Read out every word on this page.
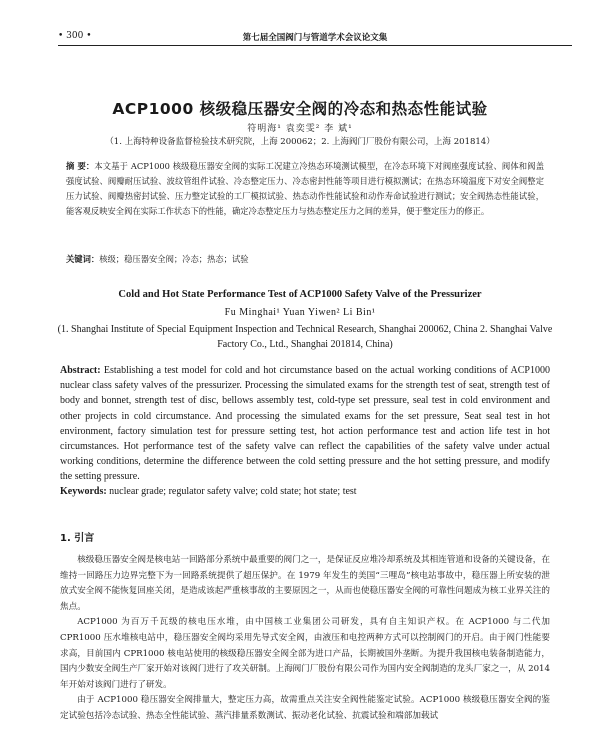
• 300 •	第七届全国阀门与管道学术会议论文集
ACP1000 核级稳压器安全阀的冷态和热态性能试验
符明海¹ 袁奕雯² 李 斌¹
（1. 上海特种设备监督检验技术研究院，上海 200062；2. 上海阀门厂股份有限公司，上海 201814）
摘 要：本文基于 ACP1000 核级稳压器安全阀的实际工况建立冷热态环境测试模型，在冷态环境下对阀座强度试验、阀体和阀盖强度试验、阀瓣耐压试验、波纹管组件试验、冷态整定压力、冷态密封性能等项目进行模拟测试；在热态环境温度下对安全阀整定压力试验、阀瓣热密封试验、压力整定试验的工厂模拟试验、热态动作性能试验和动作寿命试验进行测试；安全阀热态性能试验，能客观反映安全阀在实际工作状态下的性能，确定冷态整定压力与热态整定压力之间的差异，便于整定压力的修正。
关键词：核级；稳压器安全阀；冷态；热态；试验
Cold and Hot State Performance Test of ACP1000 Safety Valve of the Pressurizer
Fu Minghai¹ Yuan Yiwen² Li Bin¹
(1. Shanghai Institute of Special Equipment Inspection and Technical Research, Shanghai 200062, China 2. Shanghai Valve Factory Co., Ltd., Shanghai 201814, China)
Abstract: Establishing a test model for cold and hot circumstance based on the actual working conditions of ACP1000 nuclear class safety valves of the pressurizer. Processing the simulated exams for the strength test of seat, strength test of body and bonnet, strength test of disc, bellows assembly test, cold-type set pressure, seal test in cold environment and other projects in cold circumstance. And processing the simulated exams for the set pressure, Seat seal test in hot environment, factory simulation test for pressure setting test, hot action performance test and action life test in hot circumstances. Hot performance test of the safety valve can reflect the capabilities of the safety valve under actual working conditions, determine the difference between the cold setting pressure and the hot setting pressure, and modify the setting pressure.
Keywords: nuclear grade; regulator safety valve; cold state; hot state; test
1. 引言

核级稳压器安全阀是核电站一回路部分系统中最重要的阀门之一，是保证反应堆冷却系统及其相连管道和设备的关键设备，在维持一回路压力边界完整下为一回路系统提供了超压保护。在 1979 年发生的美国“三哩岛”核电站事故中，稳压器上所安装的泄放式安全阀不能恢复回座关闭，是造成该起严重核事故的主要原因之一，从而也使稳压器安全阀的可靠性问题成为核工业界关注的焦点。

ACP1000 为百万千瓦级的核电压水堆，由中国核工业集团公司研发，具有自主知识产权。在 ACP1000 与二代加 CPR1000 压水堆核电站中，稳压器安全阀均采用先导式安全阀，由液压和电控两种方式可以控制阀门的开启。由于阀门性能要求高，目前国内 CPR1000 核电站使用的核级稳压器安全阀全部为进口产品，长期被国外垄断。为提升我国核电装备制造能力，国内少数安全阀生产厂家开始对该阀门进行了攻关研制。上海阀门厂股份有限公司作为国内安全阀制造的龙头厂家之一，从 2014 年开始对该阀门进行了研发。

由于 ACP1000 稳压器安全阀排量大，整定压力高，故需重点关注安全阀性能鉴定试验。ACP1000 核级稳压器安全阀的鉴定试验包括冷态试验、热态全性能试验、蒸汽排量系数测试、振动老化试验、抗震试验和端部加载试
